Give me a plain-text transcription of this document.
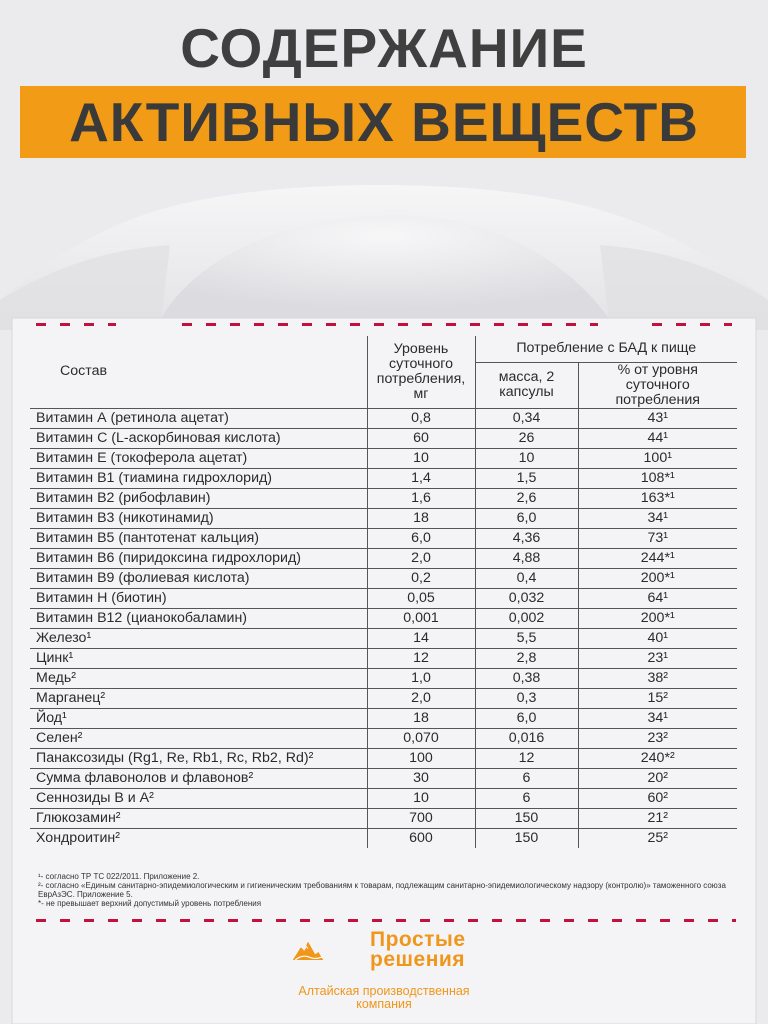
СОДЕРЖАНИЕ
АКТИВНЫХ ВЕЩЕСТВ
Состав	Уровень суточного потребления, мг	Потребление с БАД к пище	
		масса, 2 капсулы	% от уровня суточного потребления
Витамин А (ретинола ацетат)	0,8	0,34	43¹
Витамин С (L-аскорбиновая кислота)	60	26	44¹
Витамин Е (токоферола ацетат)	10	10	100¹
Витамин В1 (тиамина гидрохлорид)	1,4	1,5	108*¹
Витамин В2 (рибофлавин)	1,6	2,6	163*¹
Витамин В3 (никотинамид)	18	6,0	34¹
Витамин В5 (пантотенат кальция)	6,0	4,36	73¹
Витамин В6 (пиридоксина гидрохлорид)	2,0	4,88	244*¹
Витамин В9 (фолиевая кислота)	0,2	0,4	200*¹
Витамин Н (биотин)	0,05	0,032	64¹
Витамин В12 (цианокобаламин)	0,001	0,002	200*¹
Железо¹	14	5,5	40¹
Цинк¹	12	2,8	23¹
Медь²	1,0	0,38	38²
Марганец²	2,0	0,3	15²
Йод¹	18	6,0	34¹
Селен²	0,070	0,016	23²
Панаксозиды (Rg1, Re, Rb1, Rc, Rb2, Rd)²	100	12	240*²
Сумма флавонолов и флавонов²	30	6	20²
Сеннозиды В и А²	10	6	60²
Глюкозамин²	700	150	21²
Хондроитин²	600	150	25²
¹- согласно ТР ТС 022/2011. Приложение 2.
²- согласно «Единым санитарно-эпидемиологическим и гигиеническим требованиям к товарам, подлежащим санитарно-эпидемиологическому надзору (контролю)» таможенного союза ЕврАзЭС. Приложение 5.
*- не превышает верхний допустимый уровень потребления
Простые
решения
Алтайская производственная
компания
